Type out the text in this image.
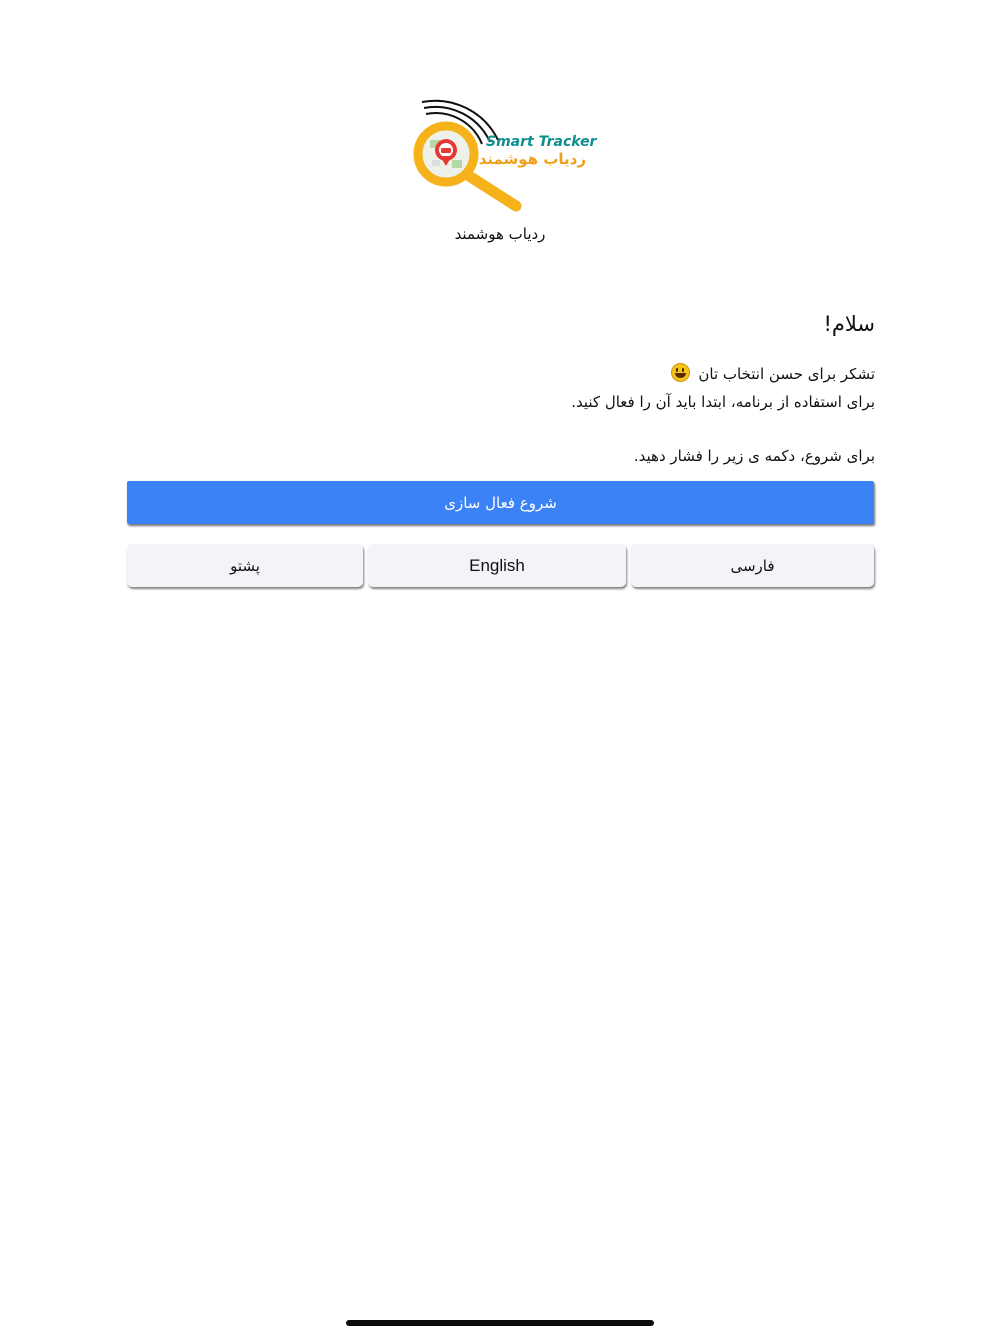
Smart Tracker
ردیاب هوشمند
ردیاب هوشمند

سلام!

تشکر برای حسن انتخاب تان

برای استفاده از برنامه، ابتدا باید آن را فعال کنید.

برای شروع، دکمه ی زیر را فشار دهید.

شروع فعال سازی
پشتو	English	فارسی
